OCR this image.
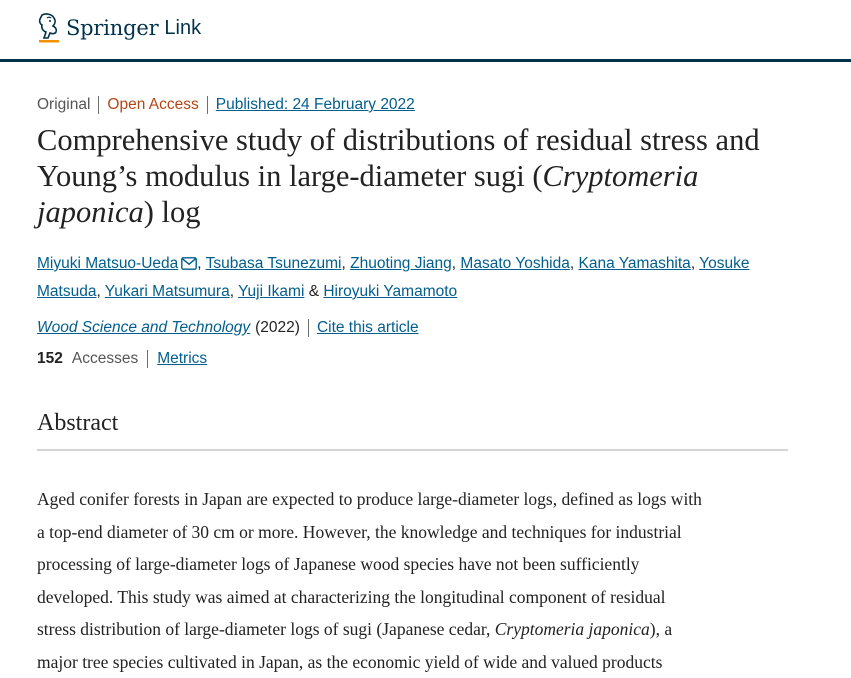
Springer Link
Original	Open Access	Published: 24 February 2022
Comprehensive study of distributions of residual stress and Young’s modulus in large-diameter sugi (Cryptomeria japonica) log
Miyuki Matsuo-Ueda , Tsubasa Tsunezumi, Zhuoting Jiang, Masato Yoshida, Kana Yamashita, Yosuke Matsuda, Yukari Matsumura, Yuji Ikami & Hiroyuki Yamamoto
Wood Science and Technology (2022)	Cite this article
152 Accesses	Metrics
Abstract

Aged conifer forests in Japan are expected to produce large-diameter logs, defined as logs with

a top-end diameter of 30 cm or more. However, the knowledge and techniques for industrial

processing of large-diameter logs of Japanese wood species have not been sufficiently

developed. This study was aimed at characterizing the longitudinal component of residual

stress distribution of large-diameter logs of sugi (Japanese cedar, Cryptomeria japonica), a

major tree species cultivated in Japan, as the economic yield of wide and valued products
